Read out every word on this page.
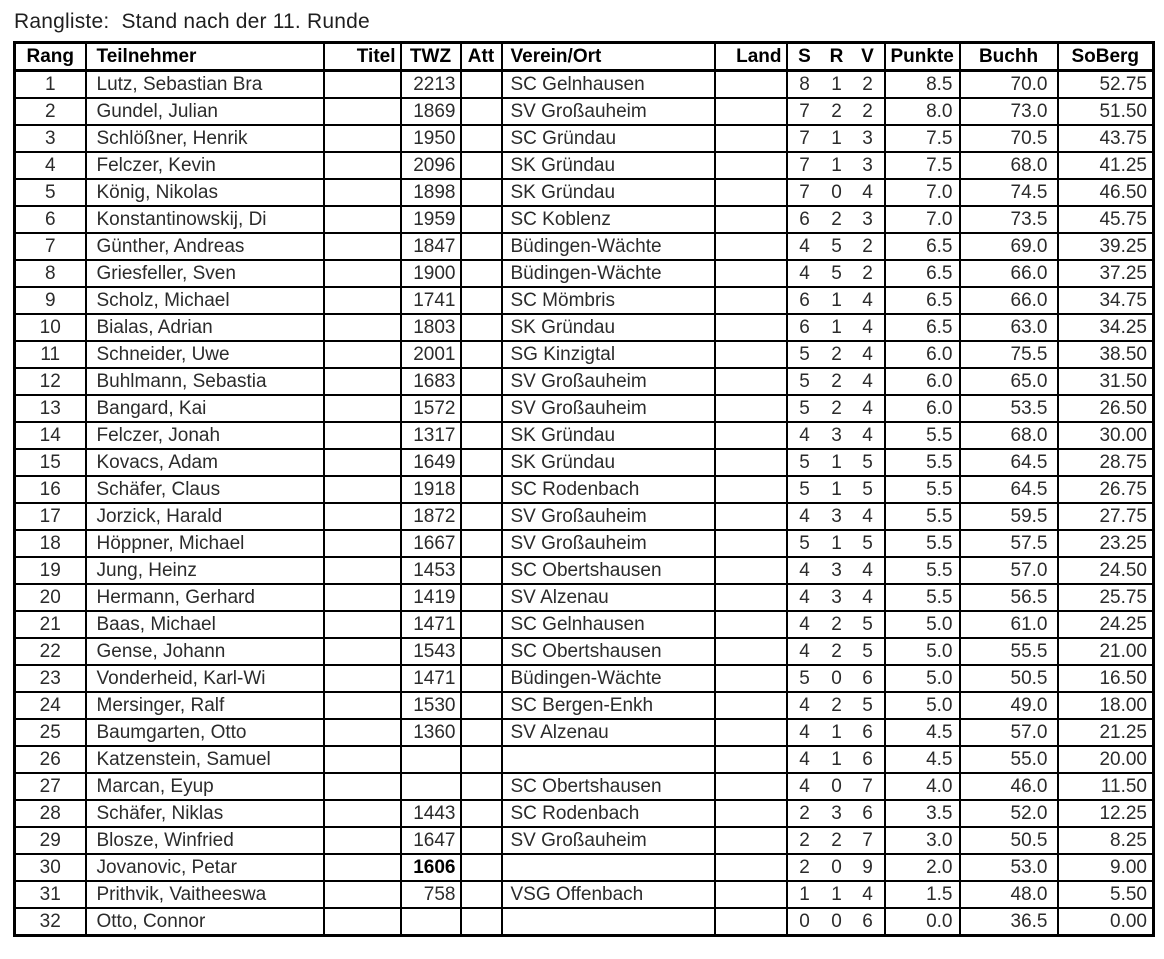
Rangliste:  Stand nach der 11. Runde
Rang	Teilnehmer	Titel	TWZ	Att	Verein/Ort	Land	S	R	V	Punkte	Buchh	SoBerg
1	Lutz, Sebastian Bra		2213		SC Gelnhausen		8	1	2	8.5	70.0	52.75
2	Gundel, Julian		1869		SV Großauheim		7	2	2	8.0	73.0	51.50
3	Schlößner, Henrik		1950		SC Gründau		7	1	3	7.5	70.5	43.75
4	Felczer, Kevin		2096		SK Gründau		7	1	3	7.5	68.0	41.25
5	König, Nikolas		1898		SK Gründau		7	0	4	7.0	74.5	46.50
6	Konstantinowskij, Di		1959		SC Koblenz		6	2	3	7.0	73.5	45.75
7	Günther, Andreas		1847		Büdingen-Wächte		4	5	2	6.5	69.0	39.25
8	Griesfeller, Sven		1900		Büdingen-Wächte		4	5	2	6.5	66.0	37.25
9	Scholz, Michael		1741		SC Mömbris		6	1	4	6.5	66.0	34.75
10	Bialas, Adrian		1803		SK Gründau		6	1	4	6.5	63.0	34.25
11	Schneider, Uwe		2001		SG Kinzigtal		5	2	4	6.0	75.5	38.50
12	Buhlmann, Sebastia		1683		SV Großauheim		5	2	4	6.0	65.0	31.50
13	Bangard, Kai		1572		SV Großauheim		5	2	4	6.0	53.5	26.50
14	Felczer, Jonah		1317		SK Gründau		4	3	4	5.5	68.0	30.00
15	Kovacs, Adam		1649		SK Gründau		5	1	5	5.5	64.5	28.75
16	Schäfer, Claus		1918		SC Rodenbach		5	1	5	5.5	64.5	26.75
17	Jorzick, Harald		1872		SV Großauheim		4	3	4	5.5	59.5	27.75
18	Höppner, Michael		1667		SV Großauheim		5	1	5	5.5	57.5	23.25
19	Jung, Heinz		1453		SC Obertshausen		4	3	4	5.5	57.0	24.50
20	Hermann, Gerhard		1419		SV Alzenau		4	3	4	5.5	56.5	25.75
21	Baas, Michael		1471		SC Gelnhausen		4	2	5	5.0	61.0	24.25
22	Gense, Johann		1543		SC Obertshausen		4	2	5	5.0	55.5	21.00
23	Vonderheid, Karl-Wi		1471		Büdingen-Wächte		5	0	6	5.0	50.5	16.50
24	Mersinger, Ralf		1530		SC Bergen-Enkh		4	2	5	5.0	49.0	18.00
25	Baumgarten, Otto		1360		SV Alzenau		4	1	6	4.5	57.0	21.25
26	Katzenstein, Samuel						4	1	6	4.5	55.0	20.00
27	Marcan, Eyup				SC Obertshausen		4	0	7	4.0	46.0	11.50
28	Schäfer, Niklas		1443		SC Rodenbach		2	3	6	3.5	52.0	12.25
29	Blosze, Winfried		1647		SV Großauheim		2	2	7	3.0	50.5	8.25
30	Jovanovic, Petar		1606				2	0	9	2.0	53.0	9.00
31	Prithvik, Vaitheeswa		758		VSG Offenbach		1	1	4	1.5	48.0	5.50
32	Otto, Connor						0	0	6	0.0	36.5	0.00
